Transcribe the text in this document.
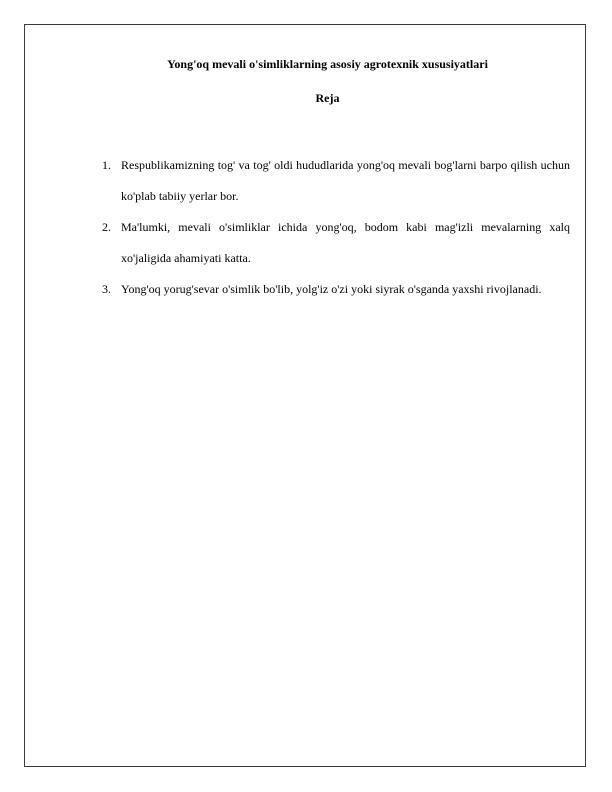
Yong'oq mevali o'simliklarning asosiy agrotexnik xususiyatlari
Reja
1. Respublikamizning tog' va tog' oldi hududlarida yong'oq mevali bog'larni barpo qilish uchun ko'plab tabiiy yerlar bor.
2. Ma'lumki, mevali o'simliklar ichida yong'oq, bodom kabi mag'izli mevalarning xalq xo'jaligida ahamiyati katta.
3. Yong'oq yorug'sevar o'simlik bo'lib, yolg'iz o'zi yoki siyrak o'sganda yaxshi rivojlanadi.
